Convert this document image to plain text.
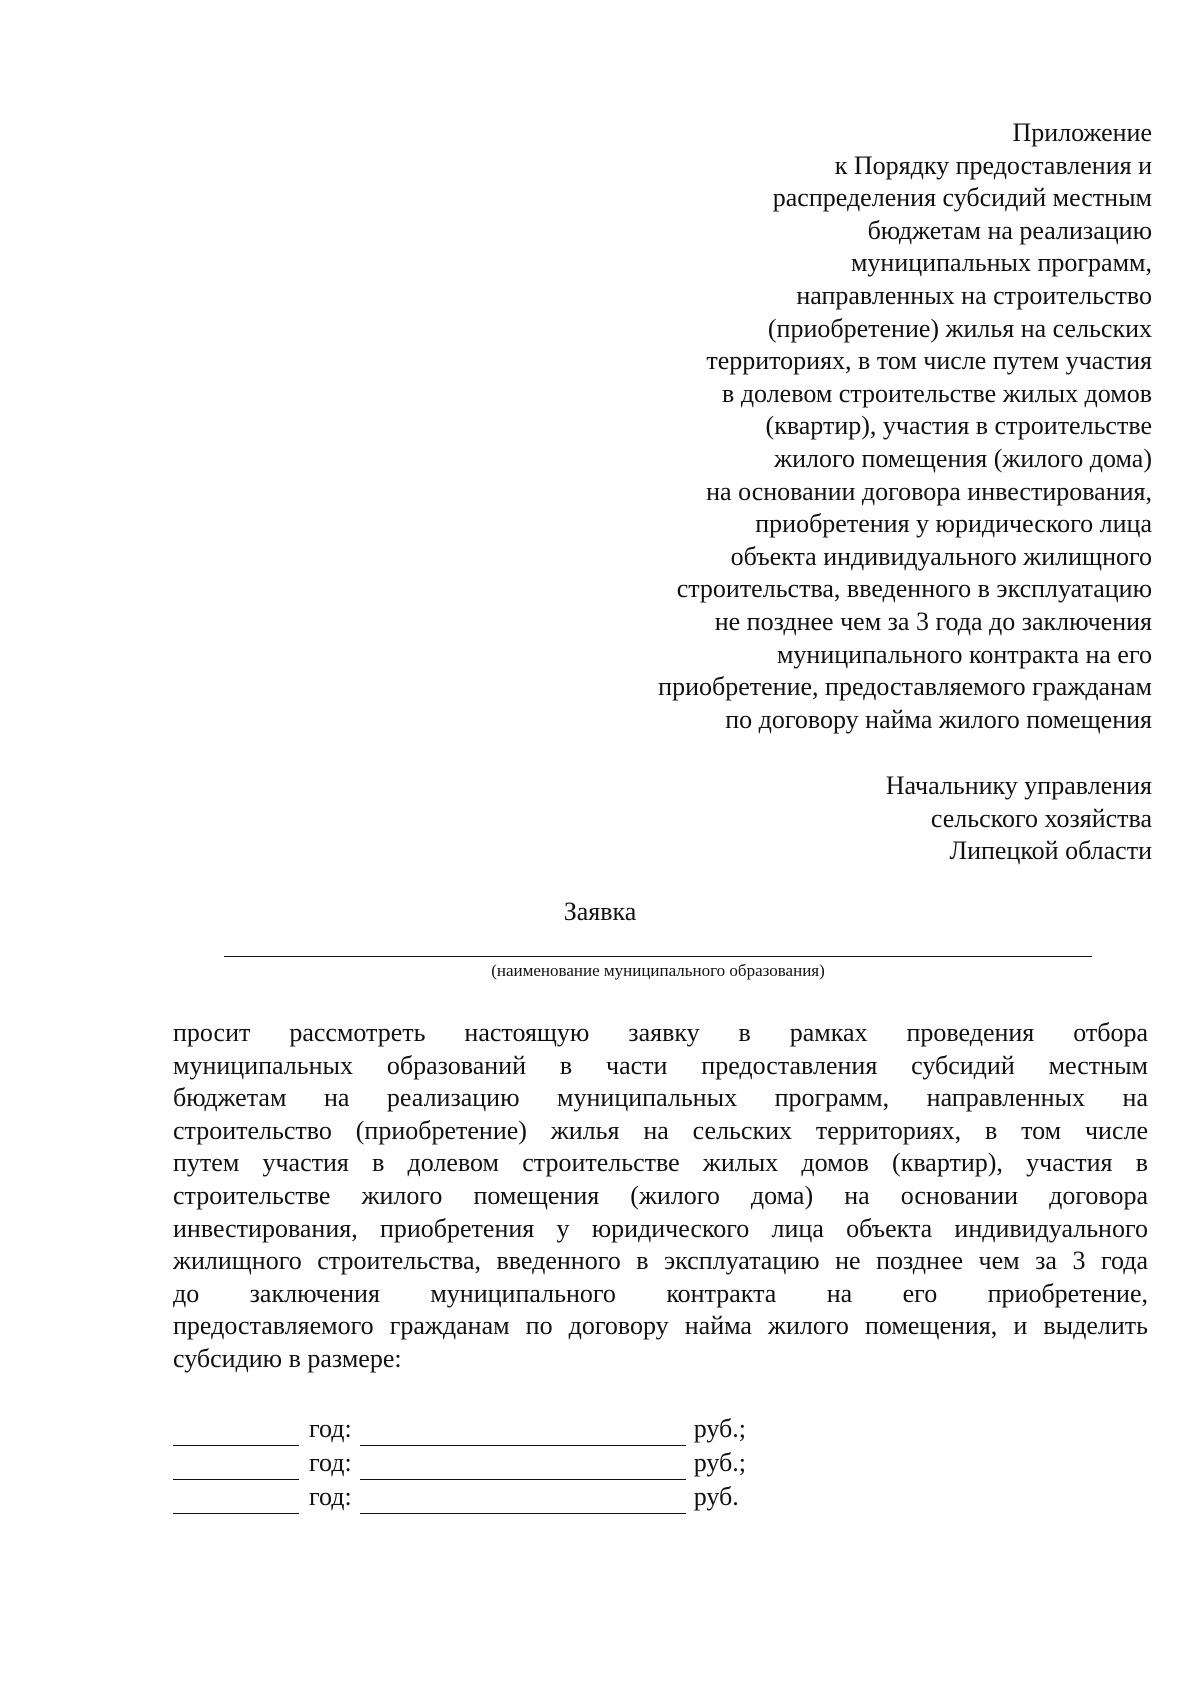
Приложение
к Порядку предоставления и
распределения субсидий местным
бюджетам на реализацию
муниципальных программ,
направленных на строительство
(приобретение) жилья на сельских
территориях, в том числе путем участия
в долевом строительстве жилых домов
(квартир), участия в строительстве
жилого помещения (жилого дома)
на основании договора инвестирования,
приобретения у юридического лица
объекта индивидуального жилищного
строительства, введенного в эксплуатацию
не позднее чем за 3 года до заключения
муниципального контракта на его
приобретение, предоставляемого гражданам
по договору найма жилого помещения
Начальнику управления
сельского хозяйства
Липецкой области
Заявка
(наименование муниципального образования)

просит рассмотреть настоящую заявку в рамках проведения отбора
муниципальных образований в части предоставления субсидий местным
бюджетам на реализацию муниципальных программ, направленных на
строительство (приобретение) жилья на сельских территориях, в том числе
путем участия в долевом строительстве жилых домов (квартир), участия в
строительстве жилого помещения (жилого дома) на основании договора
инвестирования, приобретения у юридического лица объекта индивидуального
жилищного строительства, введенного в эксплуатацию не позднее чем за 3 года
до заключения муниципального контракта на его приобретение,
предоставляемого гражданам по договору найма жилого помещения, и выделить
субсидию в размере:

год:	руб.;
год:	руб.;
год:	руб.
